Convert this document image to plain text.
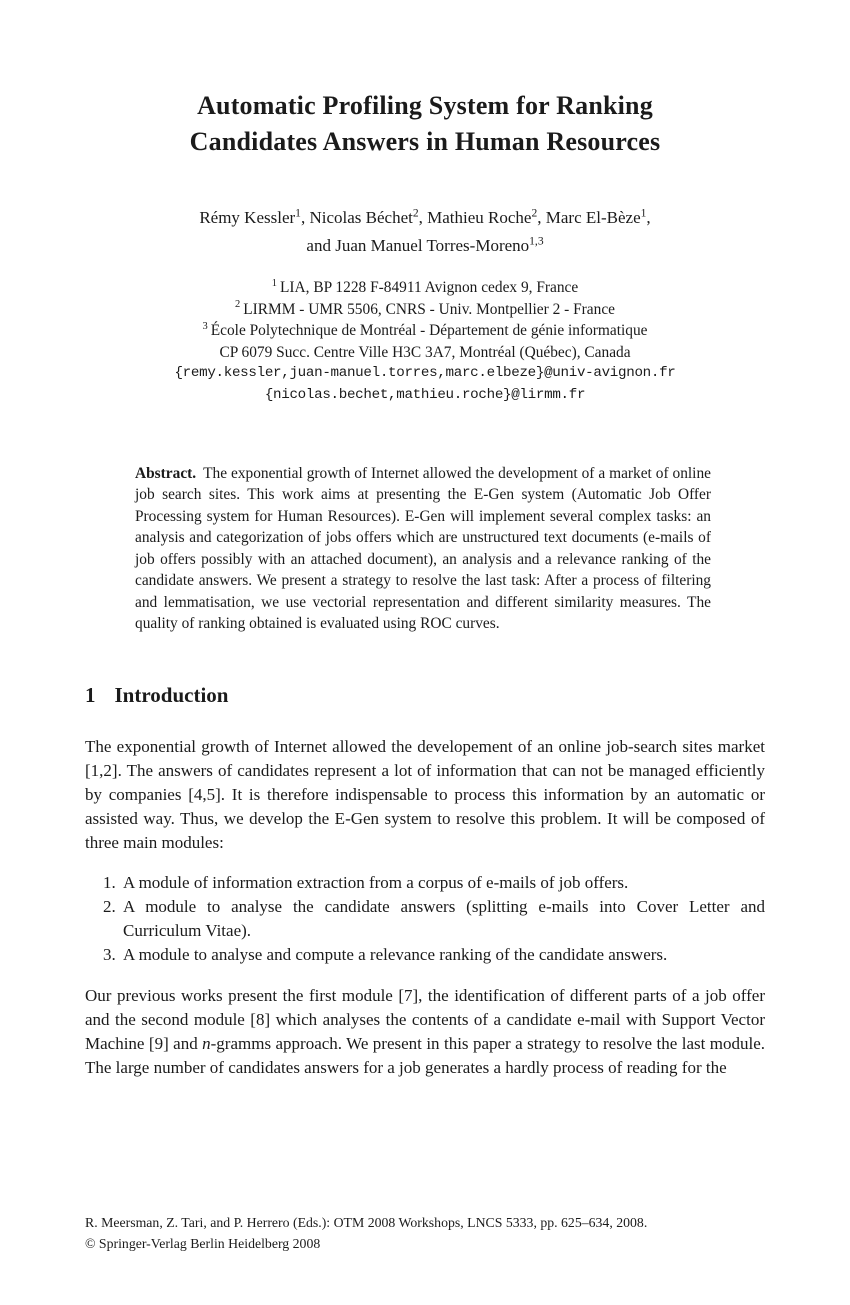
Automatic Profiling System for Ranking
Candidates Answers in Human Resources
Rémy Kessler$^1$, Nicolas Béchet$^2$, Mathieu Roche$^2$, Marc El-Bèze$^1$,
and Juan Manuel Torres-Moreno$^{1,3}$
$^1$ LIA, BP 1228 F-84911 Avignon cedex 9, France
$^2$ LIRMM - UMR 5506, CNRS - Univ. Montpellier 2 - France
$^3$ École Polytechnique de Montréal - Département de génie informatique
CP 6079 Succ. Centre Ville H3C 3A7, Montréal (Québec), Canada
{remy.kessler,juan-manuel.torres,marc.elbeze}@univ-avignon.fr
{nicolas.bechet,mathieu.roche}@lirmm.fr

Abstract. The exponential growth of Internet allowed the development of a market of online job search sites. This work aims at presenting the E-Gen system (Automatic Job Offer Processing system for Human Resources). E-Gen will implement several complex tasks: an analysis and categorization of jobs offers which are unstructured text documents (e-mails of job offers possibly with an attached document), an analysis and a relevance ranking of the candidate answers. We present a strategy to resolve the last task: After a process of filtering and lemmatisation, we use vectorial representation and different similarity measures. The quality of ranking obtained is evaluated using ROC curves.

1 Introduction

The exponential growth of Internet allowed the developement of an online job-search sites market [1,2]. The answers of candidates represent a lot of information that can not be managed efficiently by companies [4,5]. It is therefore indispensable to process this information by an automatic or assisted way. Thus, we develop the E-Gen system to resolve this problem. It will be composed of three main modules:

1. A module of information extraction from a corpus of e-mails of job offers.
2. A module to analyse the candidate answers (splitting e-mails into Cover Letter and Curriculum Vitae).
3. A module to analyse and compute a relevance ranking of the candidate answers.

Our previous works present the first module [7], the identification of different parts of a job offer and the second module [8] which analyses the contents of a candidate e-mail with Support Vector Machine [9] and n-gramms approach. We present in this paper a strategy to resolve the last module. The large number of candidates answers for a job generates a hardly process of reading for the

R. Meersman, Z. Tari, and P. Herrero (Eds.): OTM 2008 Workshops, LNCS 5333, pp. 625–634, 2008.
© Springer-Verlag Berlin Heidelberg 2008
